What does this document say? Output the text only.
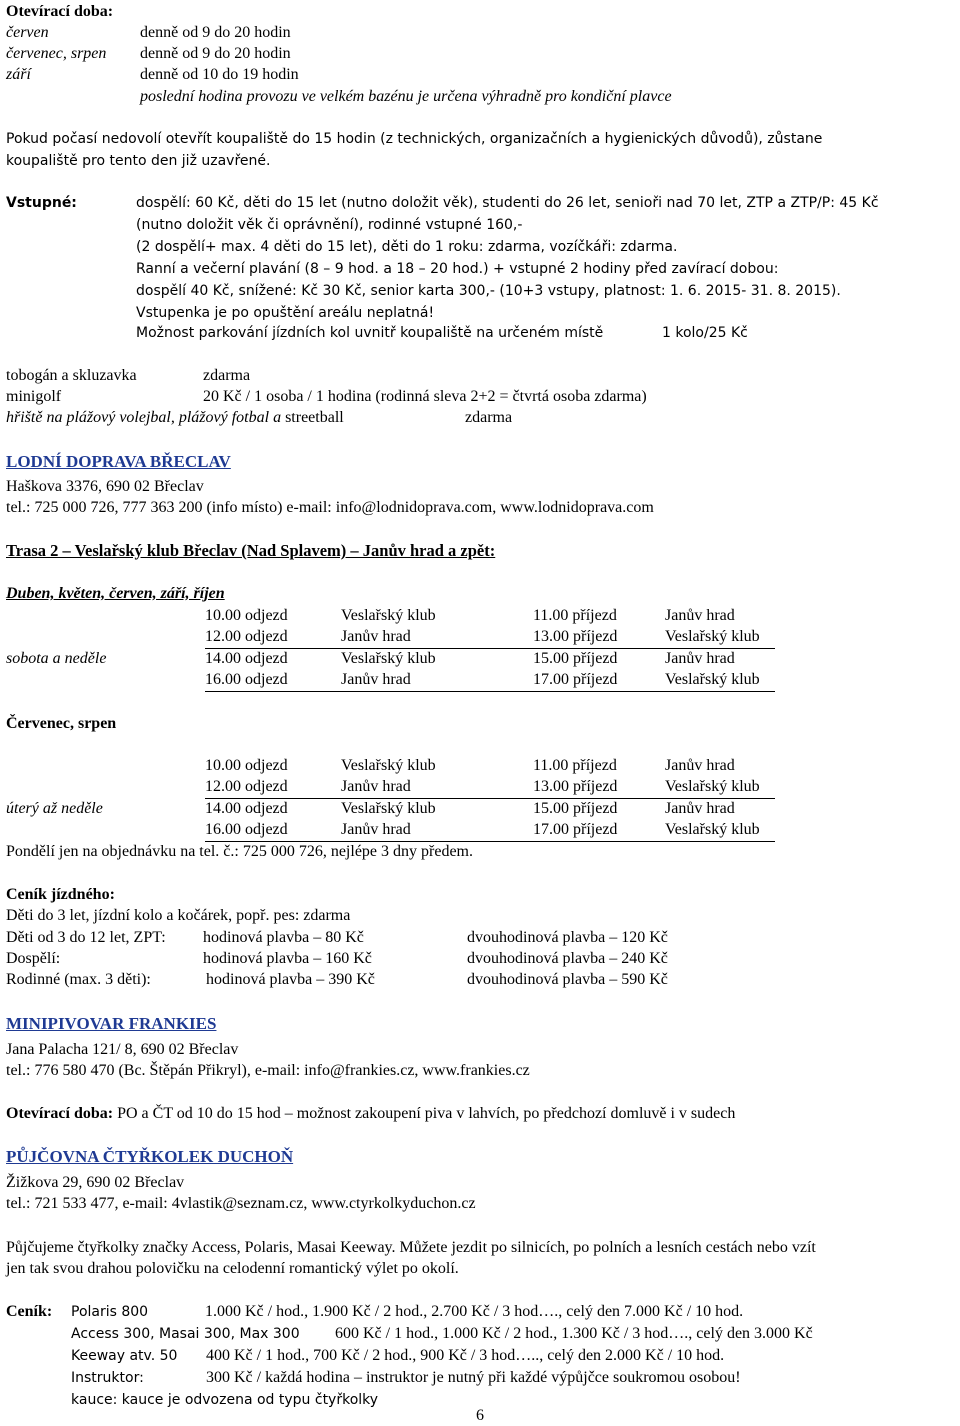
Otevírací doba:
červen	denně od 9 do 20 hodin
červenec, srpen denně od 9 do 20 hodin
září	denně od 10 do 19 hodin
poslední hodina provozu ve velkém bazénu je určena výhradně pro kondiční plavce
Pokud počasí nedovolí otevřít koupaliště do 15 hodin (z technických, organizačních a hygienických důvodů), zůstane
koupaliště pro tento den již uzavřené.
Vstupné:	dospělí: 60 Kč, děti do 15 let (nutno doložit věk), studenti do 26 let, senioři nad 70 let, ZTP a ZTP/P: 45 Kč
(nutno doložit věk či oprávnění), rodinné vstupné 160,-
(2 dospělí+ max. 4 děti do 15 let), děti do 1 roku: zdarma, vozíčkáři: zdarma.
Ranní a večerní plavání (8 – 9 hod. a 18 – 20 hod.) + vstupné 2 hodiny před zavírací dobou:
dospělí 40 Kč, snížené: Kč 30 Kč, senior karta 300,- (10+3 vstupy, platnost: 1. 6. 2015- 31. 8. 2015).
Vstupenka je po opuštění areálu neplatná!
Možnost parkování jízdních kol uvnitř koupaliště na určeném místě	1 kolo/25 Kč
tobogán a skluzavka	zdarma
minigolf	20 Kč / 1 osoba / 1 hodina (rodinná sleva 2+2 = čtvrtá osoba zdarma)
hřiště na plážový volejbal, plážový fotbal a streetball	zdarma
LODNÍ DOPRAVA BŘECLAV
Haškova 3376, 690 02 Břeclav
tel.: 725 000 726, 777 363 200 (info místo) e-mail: info@lodnidoprava.com, www.lodnidoprava.com
Trasa 2 – Veslařský klub Břeclav (Nad Splavem) – Janův hrad a zpět:
Duben, květen, červen, září, říjen
sobota a neděle
10.00 odjezd	Veslařský klub	11.00 příjezd	Janův hrad
12.00 odjezd	Janův hrad	13.00 příjezd	Veslařský klub
14.00 odjezd	Veslařský klub	15.00 příjezd	Janův hrad
16.00 odjezd	Janův hrad	17.00 příjezd	Veslařský klub
Červenec, srpen
úterý až neděle
10.00 odjezd	Veslařský klub	11.00 příjezd	Janův hrad
12.00 odjezd	Janův hrad	13.00 příjezd	Veslařský klub
14.00 odjezd	Veslařský klub	15.00 příjezd	Janův hrad
16.00 odjezd	Janův hrad	17.00 příjezd	Veslařský klub
Pondělí jen na objednávku na tel. č.: 725 000 726, nejlépe 3 dny předem.
Ceník jízdného:
Děti do 3 let, jízdní kolo a kočárek, popř. pes: zdarma
Děti od 3 do 12 let, ZPT: hodinová plavba – 80 Kč	dvouhodinová plavba – 120 Kč
Dospělí:	hodinová plavba – 160 Kč	dvouhodinová plavba – 240 Kč
Rodinné (max. 3 děti):	hodinová plavba – 390 Kč	dvouhodinová plavba – 590 Kč
MINIPIVOVAR FRANKIES
Jana Palacha 121/ 8, 690 02 Břeclav
tel.: 776 580 470 (Bc. Štěpán Přikryl), e-mail: info@frankies.cz, www.frankies.cz
Otevírací doba: PO a ČT od 10 do 15 hod – možnost zakoupení piva v lahvích, po předchozí domluvě i v sudech
PŮJČOVNA ČTYŘKOLEK DUCHOŇ
Žižkova 29, 690 02 Břeclav
tel.: 721 533 477, e-mail: 4vlastik@seznam.cz, www.ctyrkolkyduchon.cz
Půjčujeme čtyřkolky značky Access, Polaris, Masai Keeway. Můžete jezdit po silnicích, po polních a lesních cestách nebo vzít
jen tak svou drahou polovičku na celodenní romantický výlet po okolí.
Ceník: Polaris 800	1.000 Kč / hod., 1.900 Kč / 2 hod., 2.700 Kč / 3 hod…., celý den 7.000 Kč / 10 hod.
Access 300, Masai 300, Max 300 600 Kč / 1 hod., 1.000 Kč / 2 hod., 1.300 Kč / 3 hod…., celý den 3.000 Kč
Keeway atv. 50 400 Kč / 1 hod., 700 Kč / 2 hod., 900 Kč / 3 hod….., celý den 2.000 Kč / 10 hod.
Instruktor:	300 Kč / každá hodina – instruktor je nutný při každé výpůjčce soukromou osobou!
kauce: kauce je odvozena od typu čtyřkolky
6
